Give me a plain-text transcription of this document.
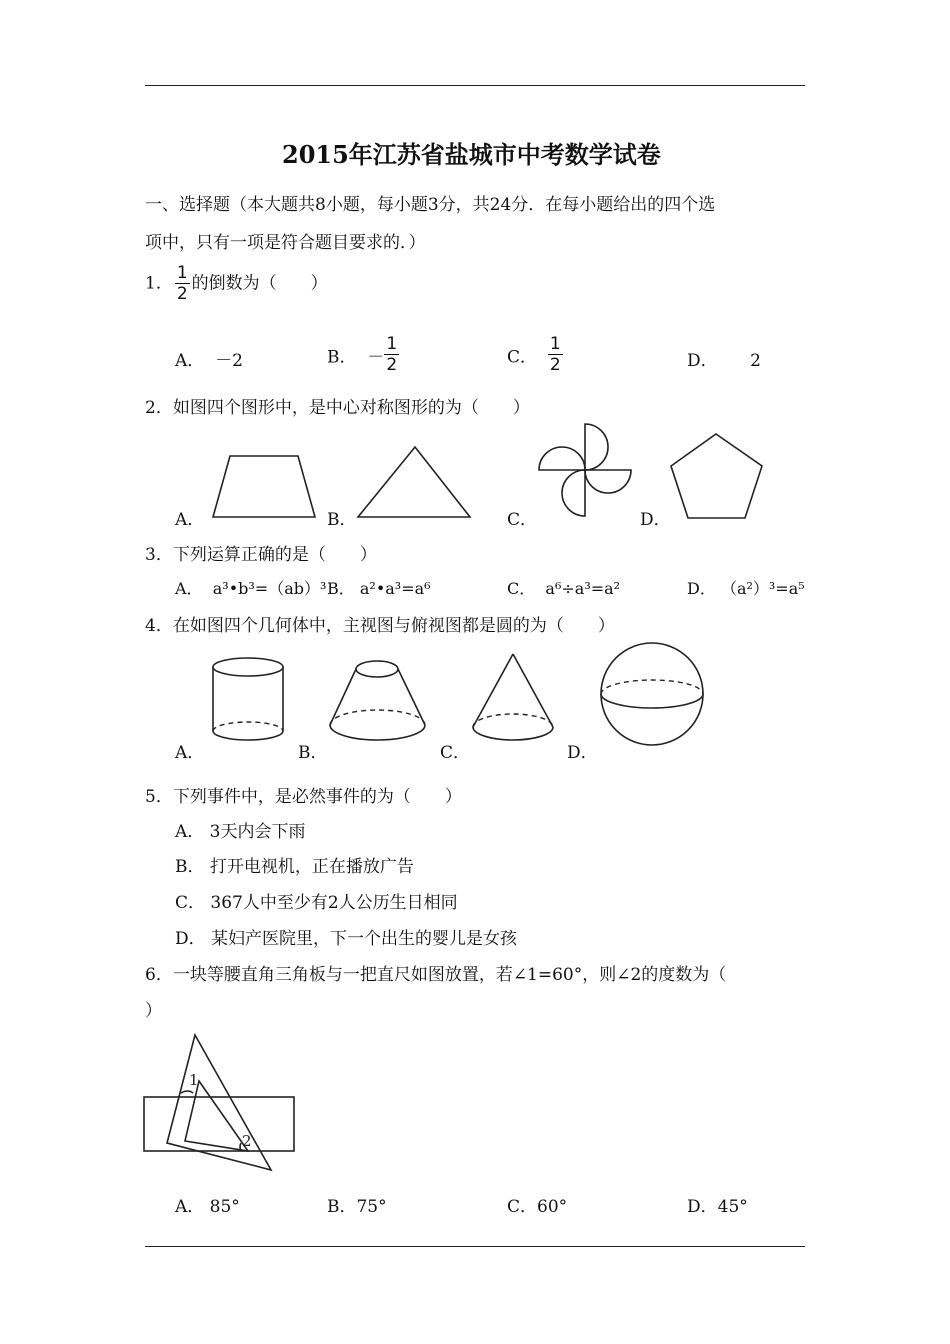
2015年江苏省盐城市中考数学试卷
一、选择题（本大题共8小题，每小题3分，共24分．在每小题给出的四个选
项中，只有一项是符合题目要求的．）
1． $\frac{1}{2}$ 的倒数为（　　）
A． －2	B． － $\frac{1}{2}$	C． $\frac{1}{2}$	D． 2
2．如图四个图形中，是中心对称图形的为（　　）
A．	B．	C．	D．
3．下列运算正确的是（　　）
A． a³•b³=（ab）³ B． a²•a³=a⁶	C． a⁶÷a³=a²	D． （a²）³=a⁵
4．在如图四个几何体中，主视图与俯视图都是圆的为（　　）
A．	B．	C．	D．
5．下列事件中，是必然事件的为（　　）
A． 3天内会下雨
B． 打开电视机，正在播放广告
C． 367人中至少有2人公历生日相同
D． 某妇产医院里，下一个出生的婴儿是女孩
6．一块等腰直角三角板与一把直尺如图放置，若∠1=60°，则∠2的度数为（
）
1
2
A． 85°	B．75°	C．60°	D．45°
